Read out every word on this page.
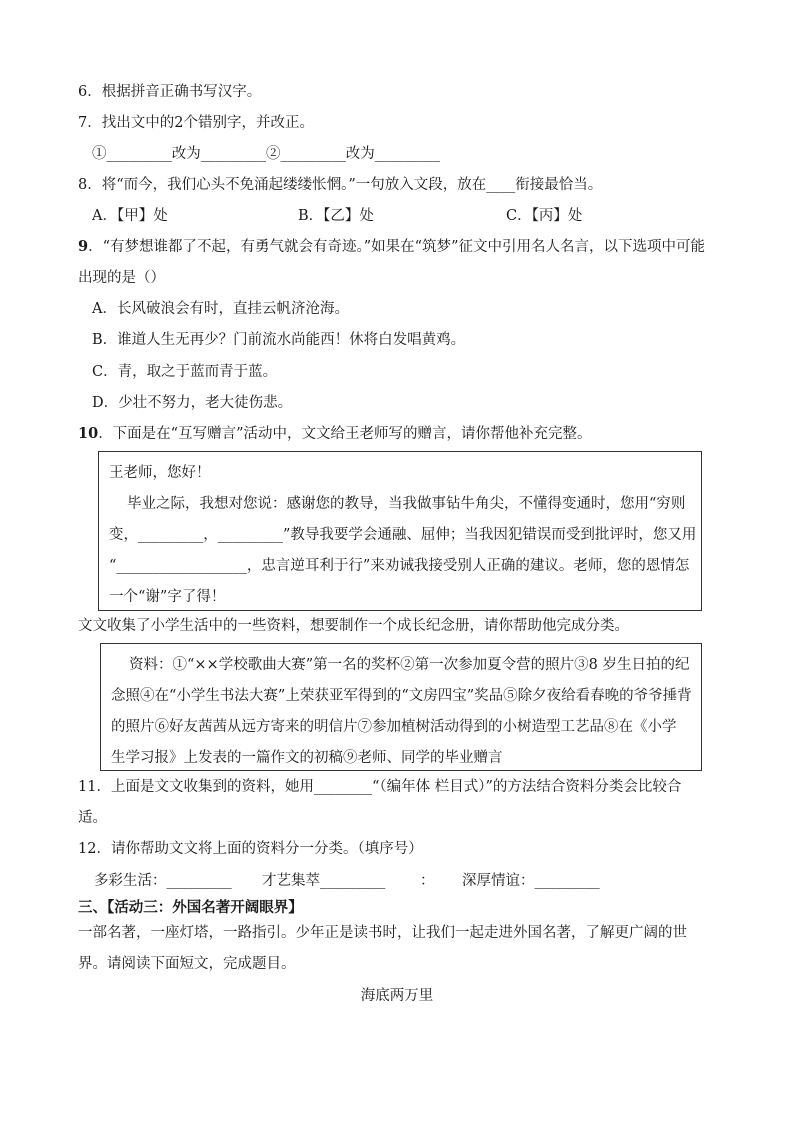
6．根据拼音正确书写汉字。
7．找出文中的2个错别字，并改正。
①_________改为_________②_________改为_________
8．将“而今，我们心头不免涌起缕缕怅惘。”一句放入文段，放在____衔接最恰当。
A．【甲】处	B．【乙】处	C．【丙】处
9．“有梦想谁都了不起，有勇气就会有奇迹。”如果在“筑梦”征文中引用名人名言，以下选项中可能
出现的是（）
A．长风破浪会有时，直挂云帆济沧海。
B．谁道人生无再少？门前流水尚能西！休将白发唱黄鸡。
C．青，取之于蓝而青于蓝。
D．少壮不努力，老大徒伤悲。
10．下面是在“互写赠言”活动中，文文给王老师写的赠言，请你帮他补充完整。
王老师，您好！
毕业之际，我想对您说：感谢您的教导，当我做事钻牛角尖，不懂得变通时，您用“穷则
变，_________，_________”教导我要学会通融、屈伸；当我因犯错误而受到批评时，您又用
“__________________，忠言逆耳利于行”来劝诫我接受别人正确的建议。老师，您的恩情怎
一个“谢”字了得！
文文收集了小学生活中的一些资料，想要制作一个成长纪念册，请你帮助他完成分类。
资料：①“××学校歌曲大赛”第一名的奖杯②第一次参加夏令营的照片③8 岁生日拍的纪
念照④在“小学生书法大赛”上荣获亚军得到的“文房四宝”奖品⑤除夕夜给看春晚的爷爷捶背
的照片⑥好友茜茜从远方寄来的明信片⑦参加植树活动得到的小树造型工艺品⑧在《小学
生学习报》上发表的一篇作文的初稿⑨老师、同学的毕业赠言
11．上面是文文收集到的资料，她用________“（编年体 栏目式）”的方法结合资料分类会比较合
适。
12．请你帮助文文将上面的资料分一分类。（填序号）
多彩生活：_________ 才艺集萃_________ ： 深厚情谊：_________
三、【活动三：外国名著开阔眼界】
一部名著，一座灯塔，一路指引。少年正是读书时，让我们一起走进外国名著，了解更广阔的世
界。请阅读下面短文，完成题目。
海底两万里
